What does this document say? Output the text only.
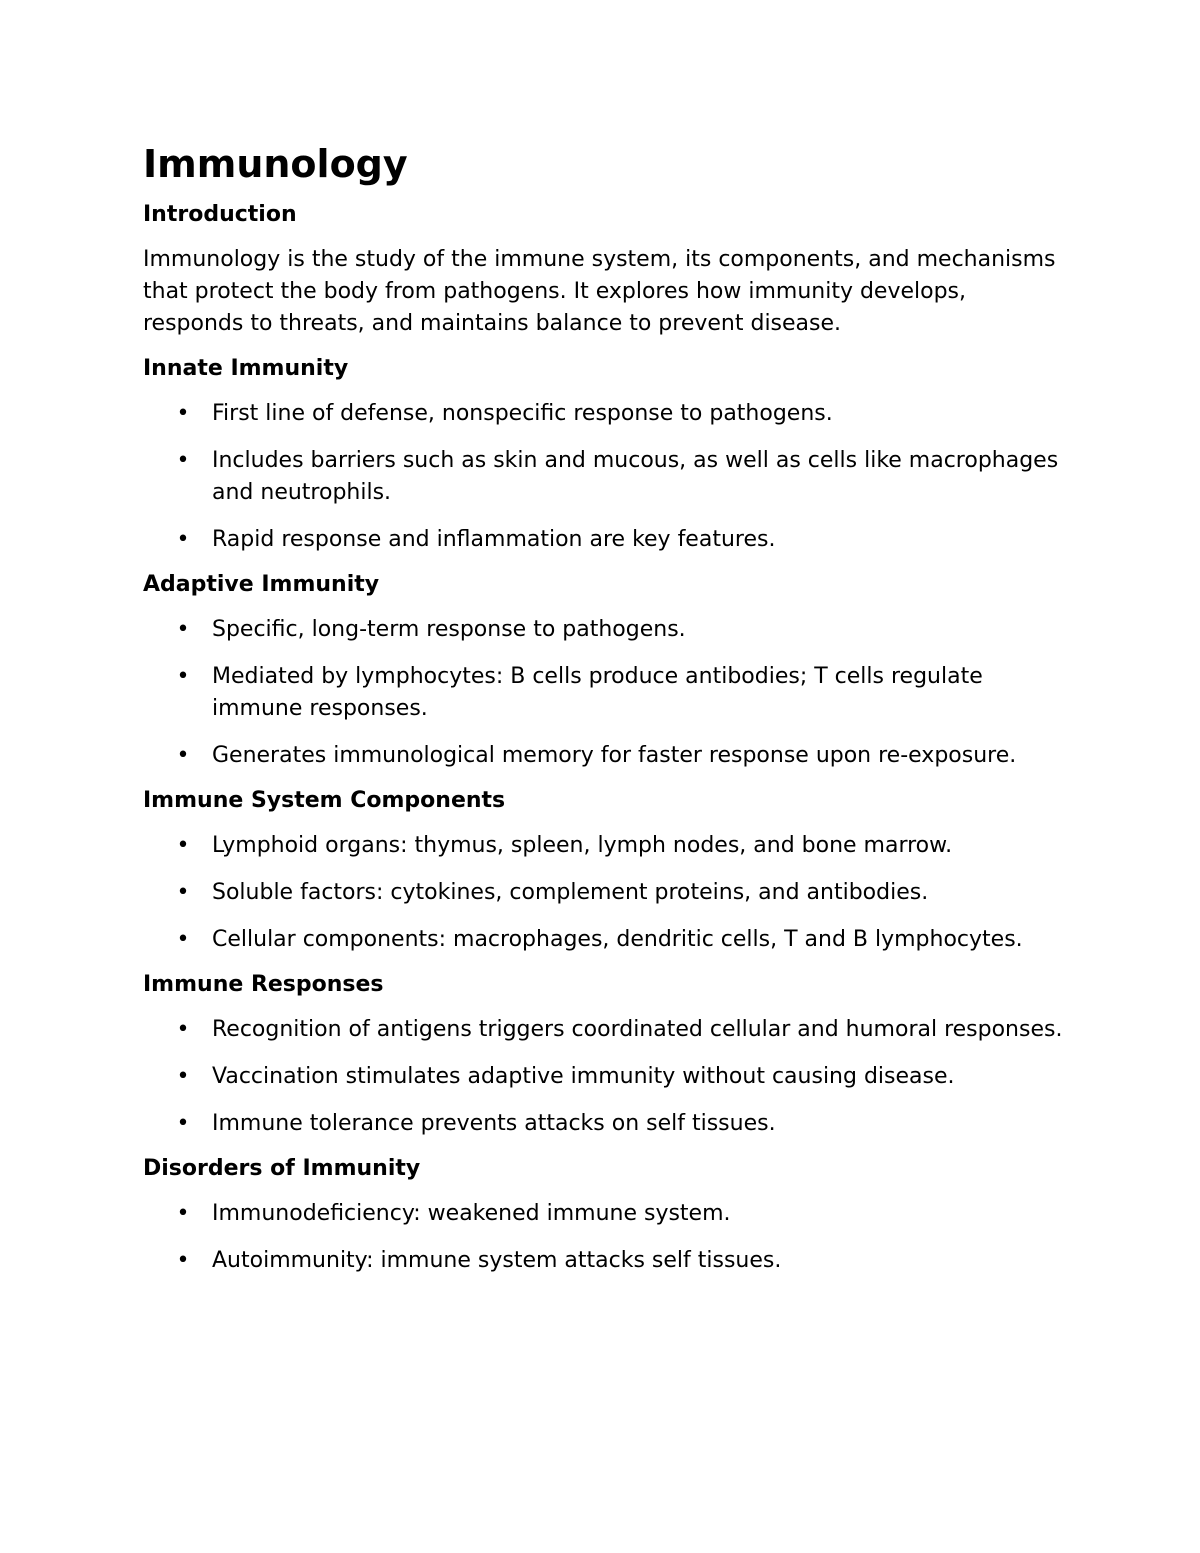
Immunology
Introduction

Immunology is the study of the immune system, its components, and mechanisms that protect the body from pathogens. It explores how immunity develops, responds to threats, and maintains balance to prevent disease.

Innate Immunity
• First line of defense, nonspecific response to pathogens.
• Includes barriers such as skin and mucous, as well as cells like macrophages and neutrophils.
• Rapid response and inflammation are key features.
Adaptive Immunity
• Specific, long-term response to pathogens.
• Mediated by lymphocytes: B cells produce antibodies; T cells regulate immune responses.
• Generates immunological memory for faster response upon re-exposure.
Immune System Components
• Lymphoid organs: thymus, spleen, lymph nodes, and bone marrow.
• Soluble factors: cytokines, complement proteins, and antibodies.
• Cellular components: macrophages, dendritic cells, T and B lymphocytes.
Immune Responses
• Recognition of antigens triggers coordinated cellular and humoral responses.
• Vaccination stimulates adaptive immunity without causing disease.
• Immune tolerance prevents attacks on self tissues.
Disorders of Immunity
• Immunodeficiency: weakened immune system.
• Autoimmunity: immune system attacks self tissues.
